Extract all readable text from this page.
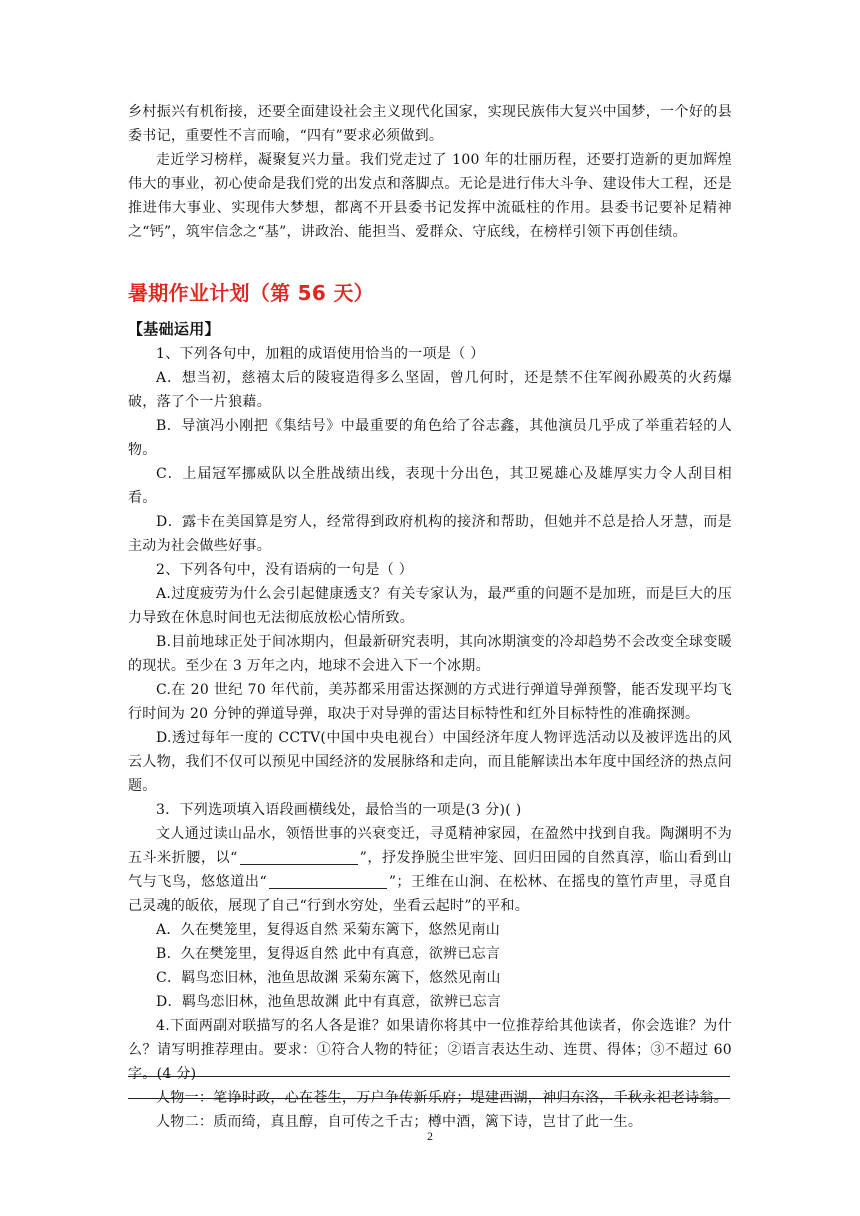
乡村振兴有机衔接，还要全面建设社会主义现代化国家，实现民族伟大复兴中国梦，一个好的县委书记，重要性不言而喻，“四有”要求必须做到。

走近学习榜样，凝聚复兴力量。我们党走过了 100 年的壮丽历程，还要打造新的更加辉煌伟大的事业，初心使命是我们党的出发点和落脚点。无论是进行伟大斗争、建设伟大工程，还是推进伟大事业、实现伟大梦想，都离不开县委书记发挥中流砥柱的作用。县委书记要补足精神之“钙”，筑牢信念之“基”，讲政治、能担当、爱群众、守底线，在榜样引领下再创佳绩。

暑期作业计划（第 56 天）

【基础运用】

1、下列各句中，加粗的成语使用恰当的一项是（ ）

A．想当初，慈禧太后的陵寝造得多么坚固，曾几何时，还是禁不住军阀孙殿英的火药爆破，落了个一片狼藉。

B．导演冯小刚把《集结号》中最重要的角色给了谷志鑫，其他演员几乎成了举重若轻的人物。

C．上届冠军挪威队以全胜战绩出线，表现十分出色，其卫冕雄心及雄厚实力令人刮目相看。

D．露卡在美国算是穷人，经常得到政府机构的接济和帮助，但她并不总是拾人牙慧，而是主动为社会做些好事。

2、下列各句中，没有语病的一句是（ ）

A.过度疲劳为什么会引起健康透支？有关专家认为，最严重的问题不是加班，而是巨大的压力导致在休息时间也无法彻底放松心情所致。

B.目前地球正处于间冰期内，但最新研究表明，其向冰期演变的冷却趋势不会改变全球变暖的现状。至少在 3 万年之内，地球不会进入下一个冰期。

C.在 20 世纪 70 年代前，美苏都采用雷达探测的方式进行弹道导弹预警，能否发现平均飞行时间为 20 分钟的弹道导弹，取决于对导弹的雷达目标特性和红外目标特性的准确探测。

D.透过每年一度的 CCTV(中国中央电视台）中国经济年度人物评选活动以及被评选出的风云人物，我们不仅可以预见中国经济的发展脉络和走向，而且能解读出本年度中国经济的热点问题。

3．下列选项填入语段画横线处，最恰当的一项是(3 分)( )

文人通过读山品水，领悟世事的兴衰变迁，寻觅精神家园，在盈然中找到自我。陶渊明不为五斗米折腰，以“	”，抒发挣脱尘世牢笼、回归田园的自然真淳，临山看到山气与飞鸟，悠悠道出“	”；王维在山涧、在松林、在摇曳的篁竹声里，寻觅自己灵魂的皈依，展现了自己“行到水穷处，坐看云起时”的平和。

A．久在樊笼里，复得返自然 采菊东篱下，悠然见南山

B．久在樊笼里，复得返自然 此中有真意，欲辨已忘言

C．羁鸟恋旧林，池鱼思故渊 采菊东篱下，悠然见南山

D．羁鸟恋旧林，池鱼思故渊 此中有真意，欲辨已忘言

4.下面两副对联描写的名人各是谁？如果请你将其中一位推荐给其他读者，你会选谁？为什么？请写明推荐理由。要求：①符合人物的特征；②语言表达生动、连贯、得体；③不超过 60 字。(4 分)

人物一：笔诤时政，心在苍生，万户争传新乐府；堤建西湖，神归东洛，千秋永祀老诗翁。

人物二：质而绮，真且醇，自可传之千古；樽中酒，篱下诗，岂甘了此一生。

2
